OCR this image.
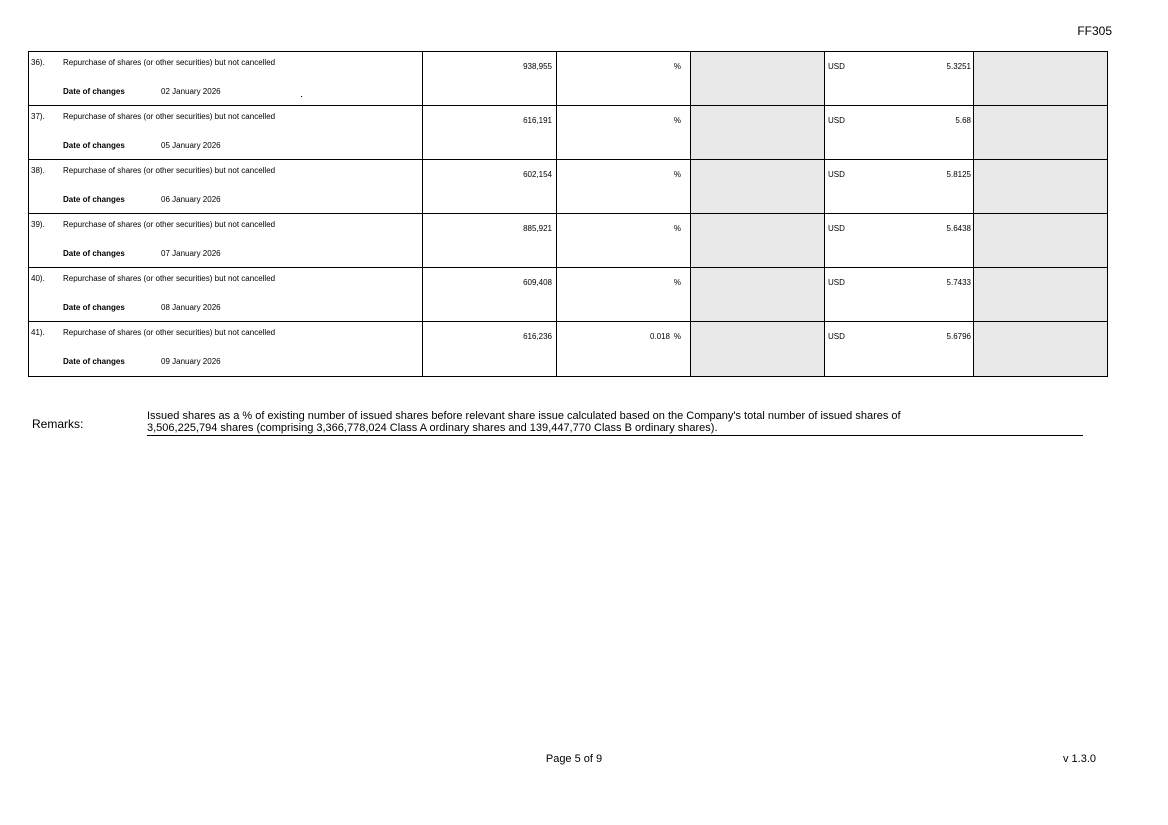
FF305
36). Repurchase of shares (or other securities) but not cancelled
Date of changes	02 January 2026
938,955	%	USD	5.3251
37). Repurchase of shares (or other securities) but not cancelled
Date of changes	05 January 2026
616,191	%	USD	5.68
38). Repurchase of shares (or other securities) but not cancelled
Date of changes	06 January 2026
602,154	%	USD	5.8125
39). Repurchase of shares (or other securities) but not cancelled
Date of changes	07 January 2026
885,921	%	USD	5.6438
40). Repurchase of shares (or other securities) but not cancelled
Date of changes	08 January 2026
609,408	%	USD	5.7433
41). Repurchase of shares (or other securities) but not cancelled
Date of changes	09 January 2026
616,236	0.018 %	USD	5.6796
Remarks:
Issued shares as a % of existing number of issued shares before relevant share issue calculated based on the Company's total number of issued shares of
3,506,225,794 shares (comprising 3,366,778,024 Class A ordinary shares and 139,447,770 Class B ordinary shares).
Page 5 of 9	v 1.3.0
